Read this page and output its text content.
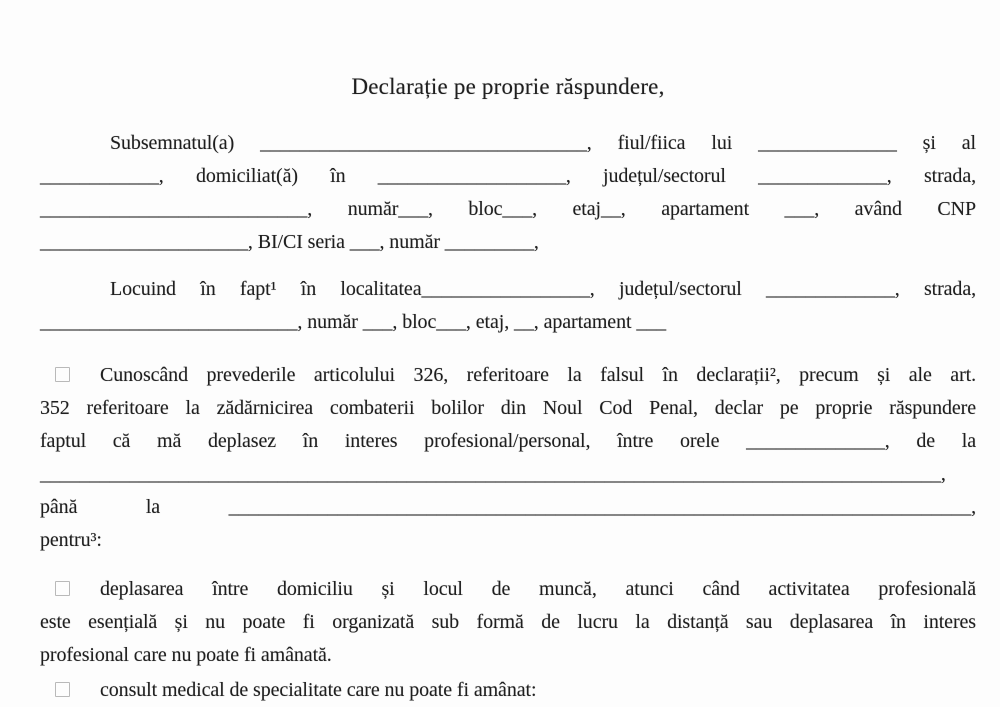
Declarație pe proprie răspundere,

Subsemnatul(a) _________________________________, fiul/fiica lui ______________ și al
____________, domiciliat(ă) în ___________________, județul/sectorul _____________, strada,
___________________________, număr___, bloc___, etaj__, apartament ___, având CNP
_____________________, BI/CI seria ___, număr _________,

Locuind în fapt¹ în localitatea_________________, județul/sectorul _____________, strada,
__________________________, număr ___, bloc___, etaj, __, apartament ___

Cunoscând prevederile articolului 326, referitoare la falsul în declarații², precum și ale art.
352 referitoare la zădărnicirea combaterii bolilor din Noul Cod Penal, declar pe proprie răspundere
faptul că mă deplasez în interes profesional/personal, între orele ______________, de la
___________________________________________________________________________________________,
până la ___________________________________________________________________________,
pentru³:

deplasarea între domiciliu și locul de muncă, atunci când activitatea profesională
este esențială și nu poate fi organizată sub formă de lucru la distanță sau deplasarea în interes
profesional care nu poate fi amânată.

consult medical de specialitate care nu poate fi amânat:
